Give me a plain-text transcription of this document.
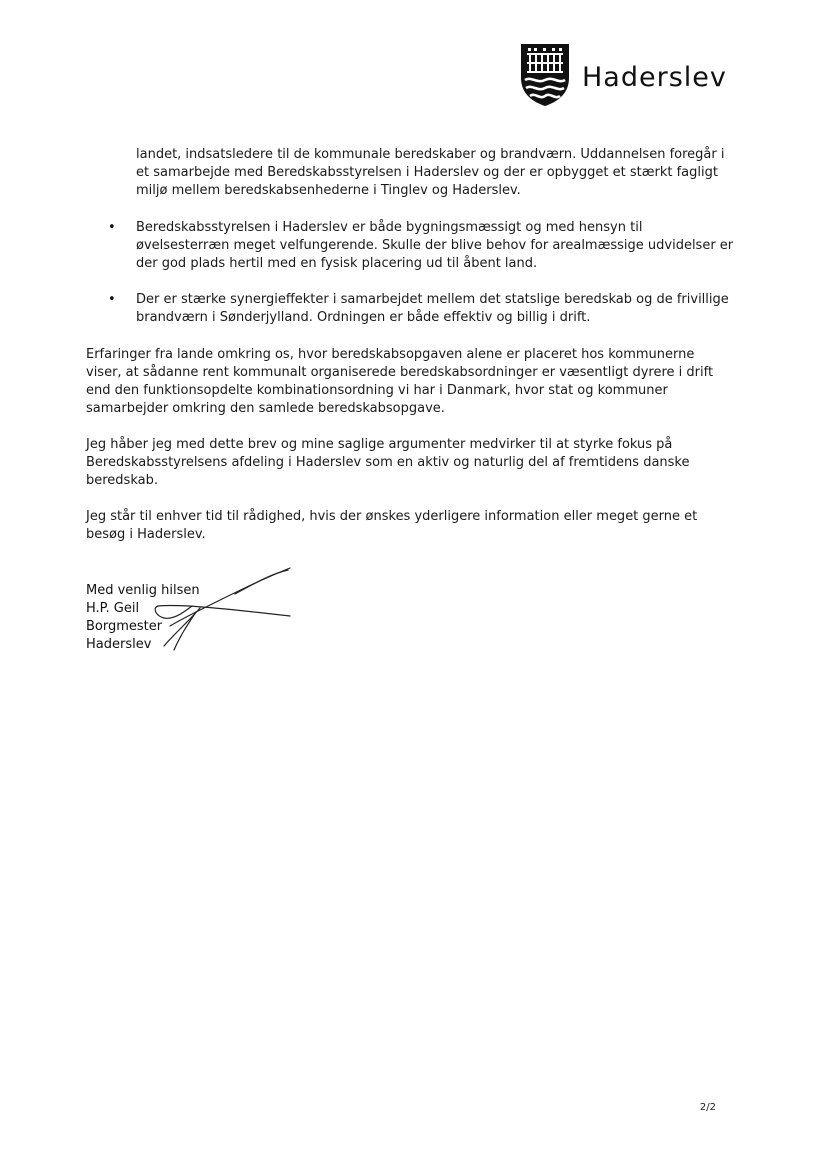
Haderslev

landet, indsatsledere til de kommunale beredskaber og brandværn. Uddannelsen foregår i et samarbejde med Beredskabsstyrelsen i Haderslev og der er opbygget et stærkt fagligt miljø mellem beredskabsenhederne i Tinglev og Haderslev.

• Beredskabsstyrelsen i Haderslev er både bygningsmæssigt og med hensyn til øvelsesterræn meget velfungerende. Skulle der blive behov for arealmæssige udvidelser er der god plads hertil med en fysisk placering ud til åbent land.

• Der er stærke synergieffekter i samarbejdet mellem det statslige beredskab og de frivillige brandværn i Sønderjylland. Ordningen er både effektiv og billig i drift.

Erfaringer fra lande omkring os, hvor beredskabsopgaven alene er placeret hos kommunerne viser, at sådanne rent kommunalt organiserede beredskabsordninger er væsentligt dyrere i drift end den funktionsopdelte kombinationsordning vi har i Danmark, hvor stat og kommuner samarbejder omkring den samlede beredskabsopgave.

Jeg håber jeg med dette brev og mine saglige argumenter medvirker til at styrke fokus på Beredskabsstyrelsens afdeling i Haderslev som en aktiv og naturlig del af fremtidens danske beredskab.

Jeg står til enhver tid til rådighed, hvis der ønskes yderligere information eller meget gerne et besøg i Haderslev.

Med venlig hilsen
H.P. Geil
Borgmester
Haderslev
2/2
